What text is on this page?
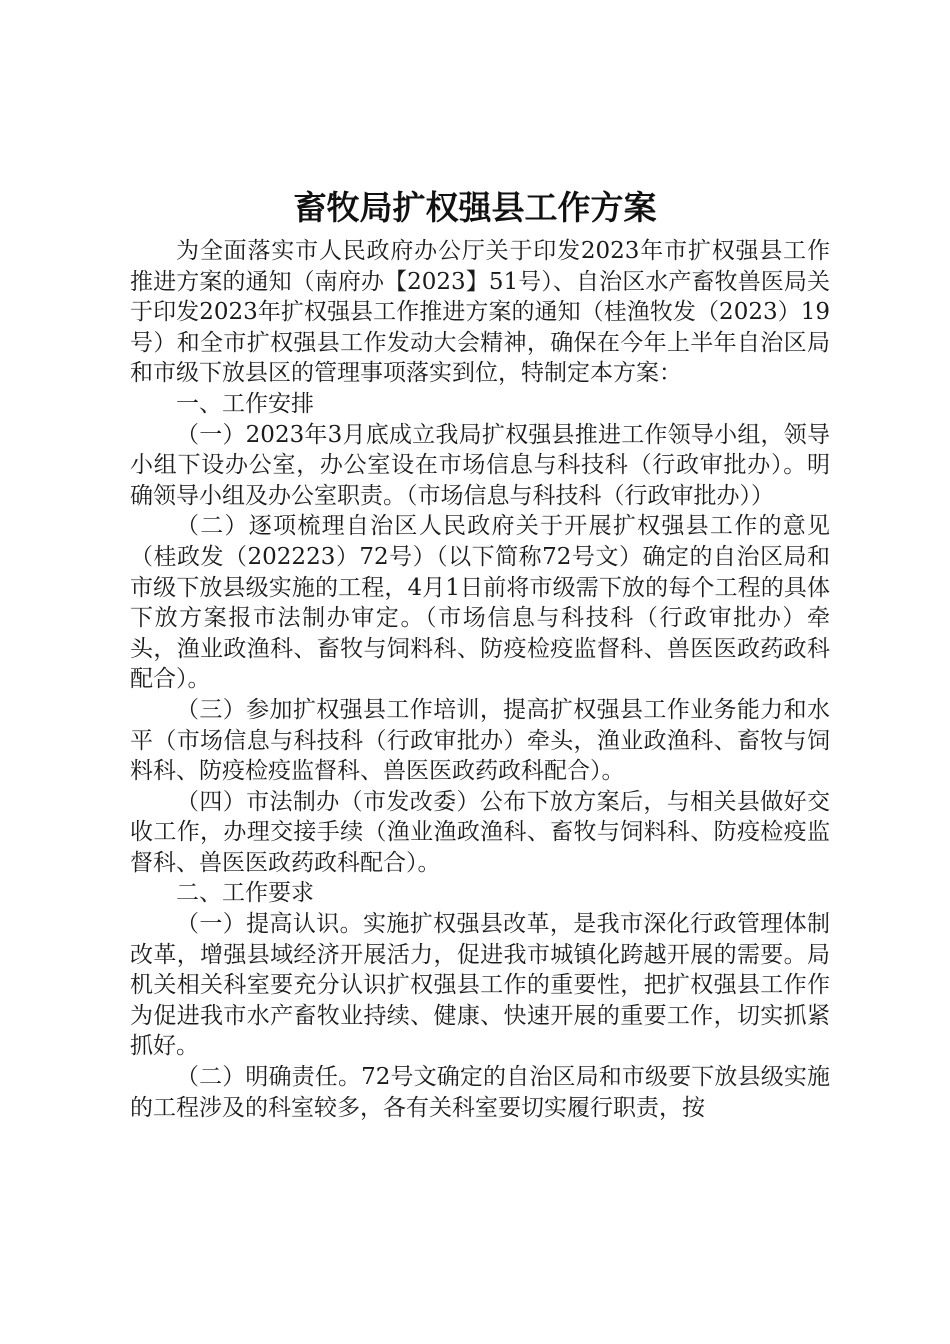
畜牧局扩权强县工作方案

为全面落实市人民政府办公厅关于印发2023年市扩权强县工作推进方案的通知（南府办【2023】51号）、自治区水产畜牧兽医局关于印发2023年扩权强县工作推进方案的通知（桂渔牧发（2023）19号）和全市扩权强县工作发动大会精神，确保在今年上半年自治区局和市级下放县区的管理事项落实到位，特制定本方案：

一、工作安排

（一）2023年3月底成立我局扩权强县推进工作领导小组，领导小组下设办公室，办公室设在市场信息与科技科（行政审批办）。明确领导小组及办公室职责。（市场信息与科技科（行政审批办））

（二）逐项梳理自治区人民政府关于开展扩权强县工作的意见（桂政发（202223）72号）（以下简称72号文）确定的自治区局和市级下放县级实施的工程，4月1日前将市级需下放的每个工程的具体下放方案报市法制办审定。（市场信息与科技科（行政审批办）牵头，渔业政渔科、畜牧与饲料科、防疫检疫监督科、兽医医政药政科配合）。

（三）参加扩权强县工作培训，提高扩权强县工作业务能力和水平（市场信息与科技科（行政审批办）牵头，渔业政渔科、畜牧与饲料科、防疫检疫监督科、兽医医政药政科配合）。

（四）市法制办（市发改委）公布下放方案后，与相关县做好交收工作，办理交接手续（渔业渔政渔科、畜牧与饲料科、防疫检疫监督科、兽医医政药政科配合）。

二、工作要求

（一）提高认识。实施扩权强县改革，是我市深化行政管理体制改革，增强县域经济开展活力，促进我市城镇化跨越开展的需要。局机关相关科室要充分认识扩权强县工作的重要性，把扩权强县工作作为促进我市水产畜牧业持续、健康、快速开展的重要工作，切实抓紧抓好。

（二）明确责任。72号文确定的自治区局和市级要下放县级实施的工程涉及的科室较多，各有关科室要切实履行职责，按
